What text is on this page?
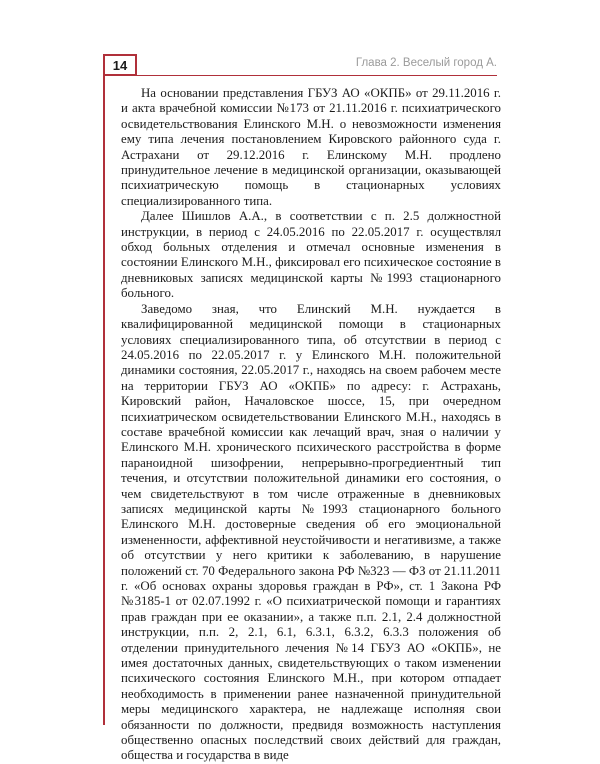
14	Глава 2. Веселый город А.

На основании представления ГБУЗ АО «ОКПБ» от 29.11.2016 г. и акта врачебной комиссии №173 от 21.11.2016 г. психиатрического освидетельствования Елинского М.Н. о невозможности изменения ему типа лечения постановлением Кировского районного суда г. Астрахани от 29.12.2016 г. Елинскому М.Н. продлено принудительное лечение в медицинской организации, оказывающей психиатрическую помощь в стационарных условиях специализированного типа.

Далее Шишлов А.А., в соответствии с п. 2.5 должностной инструкции, в период с 24.05.2016 по 22.05.2017 г. осуществлял обход больных отделения и отмечал основные изменения в состоянии Елинского М.Н., фиксировал его психическое состояние в дневниковых записях медицинской карты №1993 стационарного больного.

Заведомо зная, что Елинский М.Н. нуждается в квалифицированной медицинской помощи в стационарных условиях специализированного типа, об отсутствии в период с 24.05.2016 по 22.05.2017 г. у Елинского М.Н. положительной динамики состояния, 22.05.2017 г., находясь на своем рабочем месте на территории ГБУЗ АО «ОКПБ» по адресу: г. Астрахань, Кировский район, Началовское шоссе, 15, при очередном психиатрическом освидетельствовании Елинского М.Н., находясь в составе врачебной комиссии как лечащий врач, зная о наличии у Елинского М.Н. хронического психического расстройства в форме параноидной шизофрении, непрерывно-прогредиентный тип течения, и отсутствии положительной динамики его состояния, о чем свидетельствуют в том числе отраженные в дневниковых записях медицинской карты №1993 стационарного больного Елинского М.Н. достоверные сведения об его эмоциональной измененности, аффективной неустойчивости и негативизме, а также об отсутствии у него критики к заболеванию, в нарушение положений ст. 70 Федерального закона РФ №323 — ФЗ от 21.11.2011 г. «Об основах охраны здоровья граждан в РФ», ст. 1 Закона РФ №3185-1 от 02.07.1992 г. «О психиатрической помощи и гарантиях прав граждан при ее оказании», а также п.п. 2.1, 2.4 должностной инструкции, п.п. 2, 2.1, 6.1, 6.3.1, 6.3.2, 6.3.3 положения об отделении принудительного лечения №14 ГБУЗ АО «ОКПБ», не имея достаточных данных, свидетельствующих о таком изменении психического состояния Елинского М.Н., при котором отпадает необходимость в применении ранее назначенной принудительной меры медицинского характера, не надлежаще исполняя свои обязанности по должности, предвидя возможность наступления общественно опасных последствий своих действий для граждан, общества и государства в виде
